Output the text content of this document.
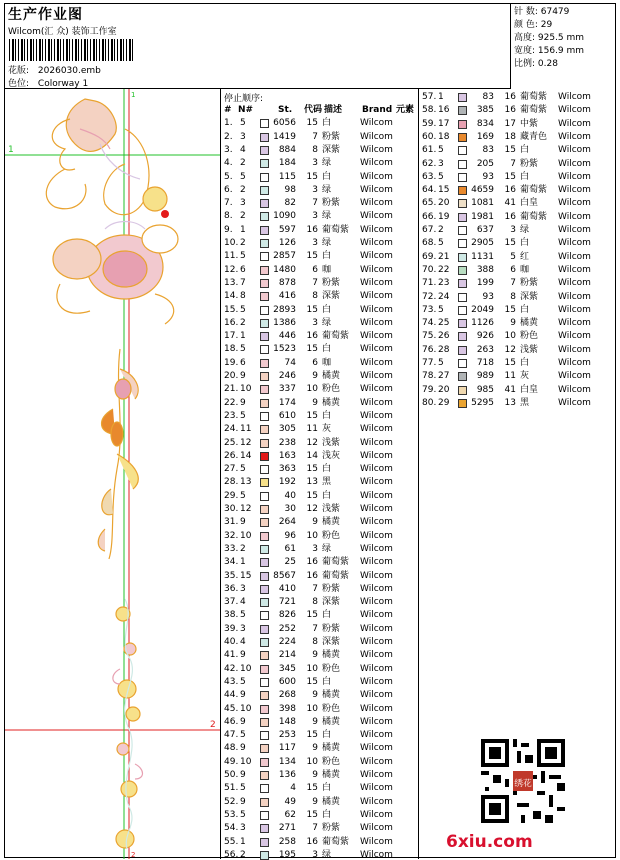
生产作业图
Wilcom(汇 众) 装饰工作室
花版: 2026030.emb
色位: Colorway 1
针 数: 67479
颜 色: 29
高度: 925.5 mm
宽度: 156.9 mm
比例: 0.28
1
2
1
2
停止顺序:
# N#	St. 代码 描述 Brand 元素
1. 5	6056	15 白	Wilcom
2. 3	1419	7 粉紫 Wilcom
3. 4	884	8 深紫 Wilcom
4. 2	184	3 绿	Wilcom
5. 5	115	15 白	Wilcom
6. 2	98	3 绿	Wilcom
7. 3	82	7 粉紫 Wilcom
8. 2	1090	3 绿	Wilcom
9. 1	597	16 葡萄紫 Wilcom
10. 2	126	3 绿	Wilcom
11. 5	2857	15 白	Wilcom
12. 6	1480	6 咖	Wilcom
13. 7	878	7 粉紫 Wilcom
14. 8	416	8 深紫 Wilcom
15. 5	2893	15 白	Wilcom
16. 2	1386	3 绿	Wilcom
17. 1	446	16 葡萄紫 Wilcom
18. 5	1523	15 白	Wilcom
19. 6	74	6 咖	Wilcom
20. 9	246	9 橘黄 Wilcom
21. 10	337	10 粉色 Wilcom
22. 9	174	9 橘黄 Wilcom
23. 5	610	15 白	Wilcom
24. 11	305	11 灰	Wilcom
25. 12	238	12 浅紫 Wilcom
26. 14	163	14 浅灰 Wilcom
27. 5	363	15 白	Wilcom
28. 13	192	13 黑	Wilcom
29. 5	40	15 白	Wilcom
30. 12	30	12 浅紫 Wilcom
31. 9	264	9 橘黄 Wilcom
32. 10	96	10 粉色 Wilcom
33. 2	61	3 绿	Wilcom
34. 1	25	16 葡萄紫 Wilcom
35. 15 8567	16 葡萄紫 Wilcom
36. 3	410	7 粉紫 Wilcom
37. 4	721	8 深紫 Wilcom
38. 5	826	15 白	Wilcom
39. 3	252	7 粉紫 Wilcom
40. 4	224	8 深紫 Wilcom
41. 9	214	9 橘黄 Wilcom
42. 10	345	10 粉色 Wilcom
43. 5	600	15 白	Wilcom
44. 9	268	9 橘黄 Wilcom
45. 10	398	10 粉色 Wilcom
46. 9	148	9 橘黄 Wilcom
47. 5	253	15 白	Wilcom
48. 9	117	9 橘黄 Wilcom
49. 10	134	10 粉色 Wilcom
50. 9	136	9 橘黄 Wilcom
51. 5	4	15 白	Wilcom
52. 9	49	9 橘黄 Wilcom
53. 5	62	15 白	Wilcom
54. 3	271	7 粉紫 Wilcom
55. 1	258	16 葡萄紫 Wilcom
56. 2	195	3 绿	Wilcom
57. 1	83	16 葡萄紫 Wilcom
58. 16	385	16 葡萄紫 Wilcom
59. 17	834	17 中紫 Wilcom
60. 18	169	18 藏青色 Wilcom
61. 5	83	15 白	Wilcom
62. 3	205	7 粉紫 Wilcom
63. 5	93	15 白	Wilcom
64. 15 4659	16 葡萄紫 Wilcom
65. 20 1081	41 白皇 Wilcom
66. 19 1981	16 葡萄紫 Wilcom
67. 2	637	3 绿	Wilcom
68. 5	2905	15 白	Wilcom
69. 21 1131	5 红	Wilcom
70. 22	388	6 咖	Wilcom
71. 23	199	7 粉紫 Wilcom
72. 24	93	8 深紫 Wilcom
73. 5	2049	15 白	Wilcom
74. 25 1126	9 橘黄 Wilcom
75. 26	926	10 粉色 Wilcom
76. 28	263	12 浅紫 Wilcom
77. 5	718	15 白	Wilcom
78. 27	989	11 灰	Wilcom
79. 20	985	41 白皇 Wilcom
80. 29 5295	13 黑	Wilcom
绣花
6xiu.com
